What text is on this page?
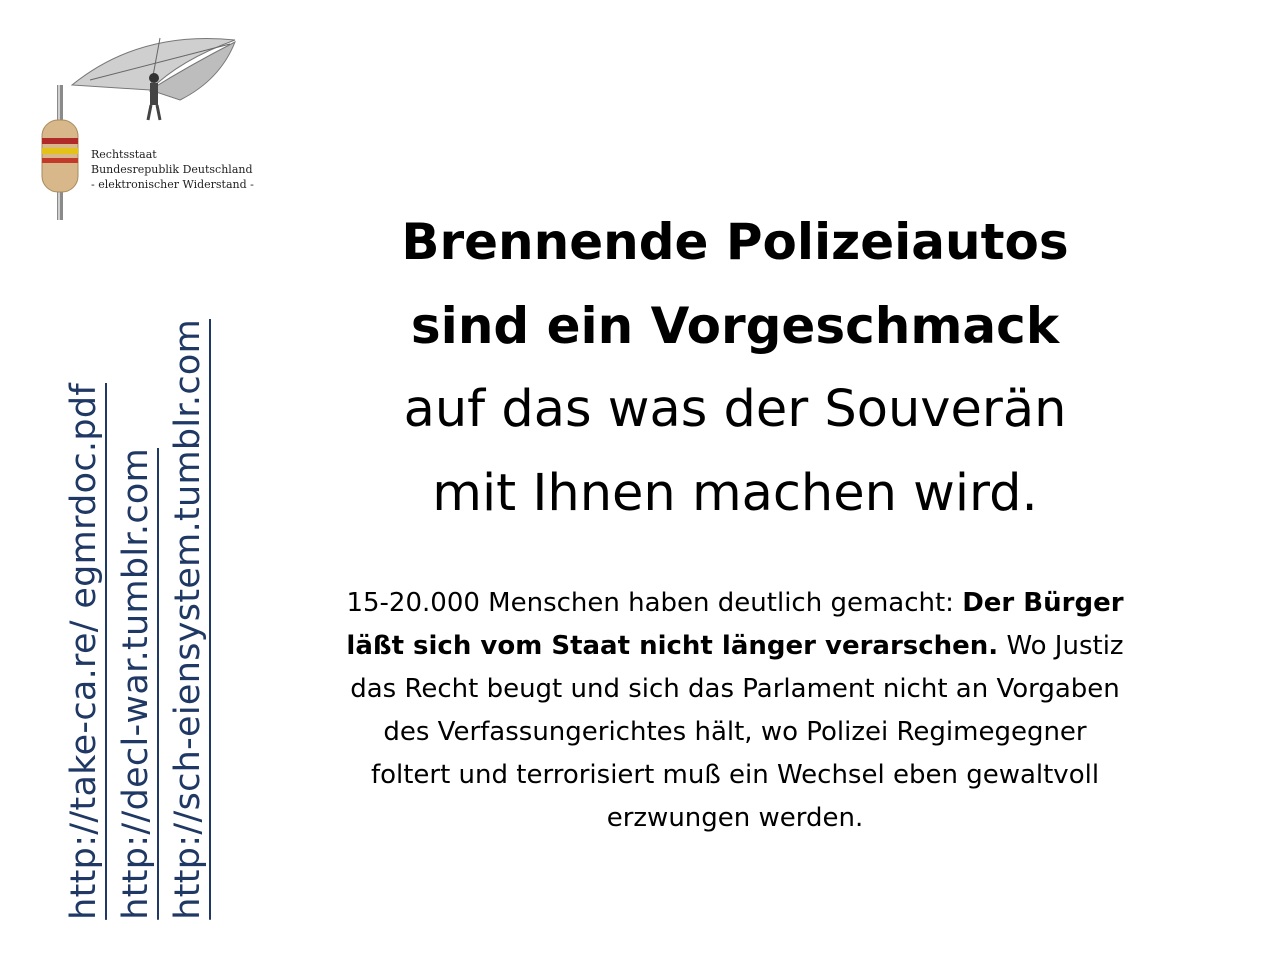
Rechtsstaat
Bundesrepublik Deutschland
- elektronischer Widerstand -
http://take-ca.re/ egmrdoc.pdf http://decl-war.tumblr.com http://sch-eiensystem.tumblr.com
Brennende Polizeiautos
sind ein Vorgeschmack
auf das was der Souverän
mit Ihnen machen wird.
15-20.000 Menschen haben deutlich gemacht: Der Bürger läßt sich vom Staat nicht länger verarschen. Wo Justiz das Recht beugt und sich das Parlament nicht an Vorgaben des Verfassungerichtes hält, wo Polizei Regimegegner foltert und terrorisiert muß ein Wechsel eben gewaltvoll erzwungen werden.
